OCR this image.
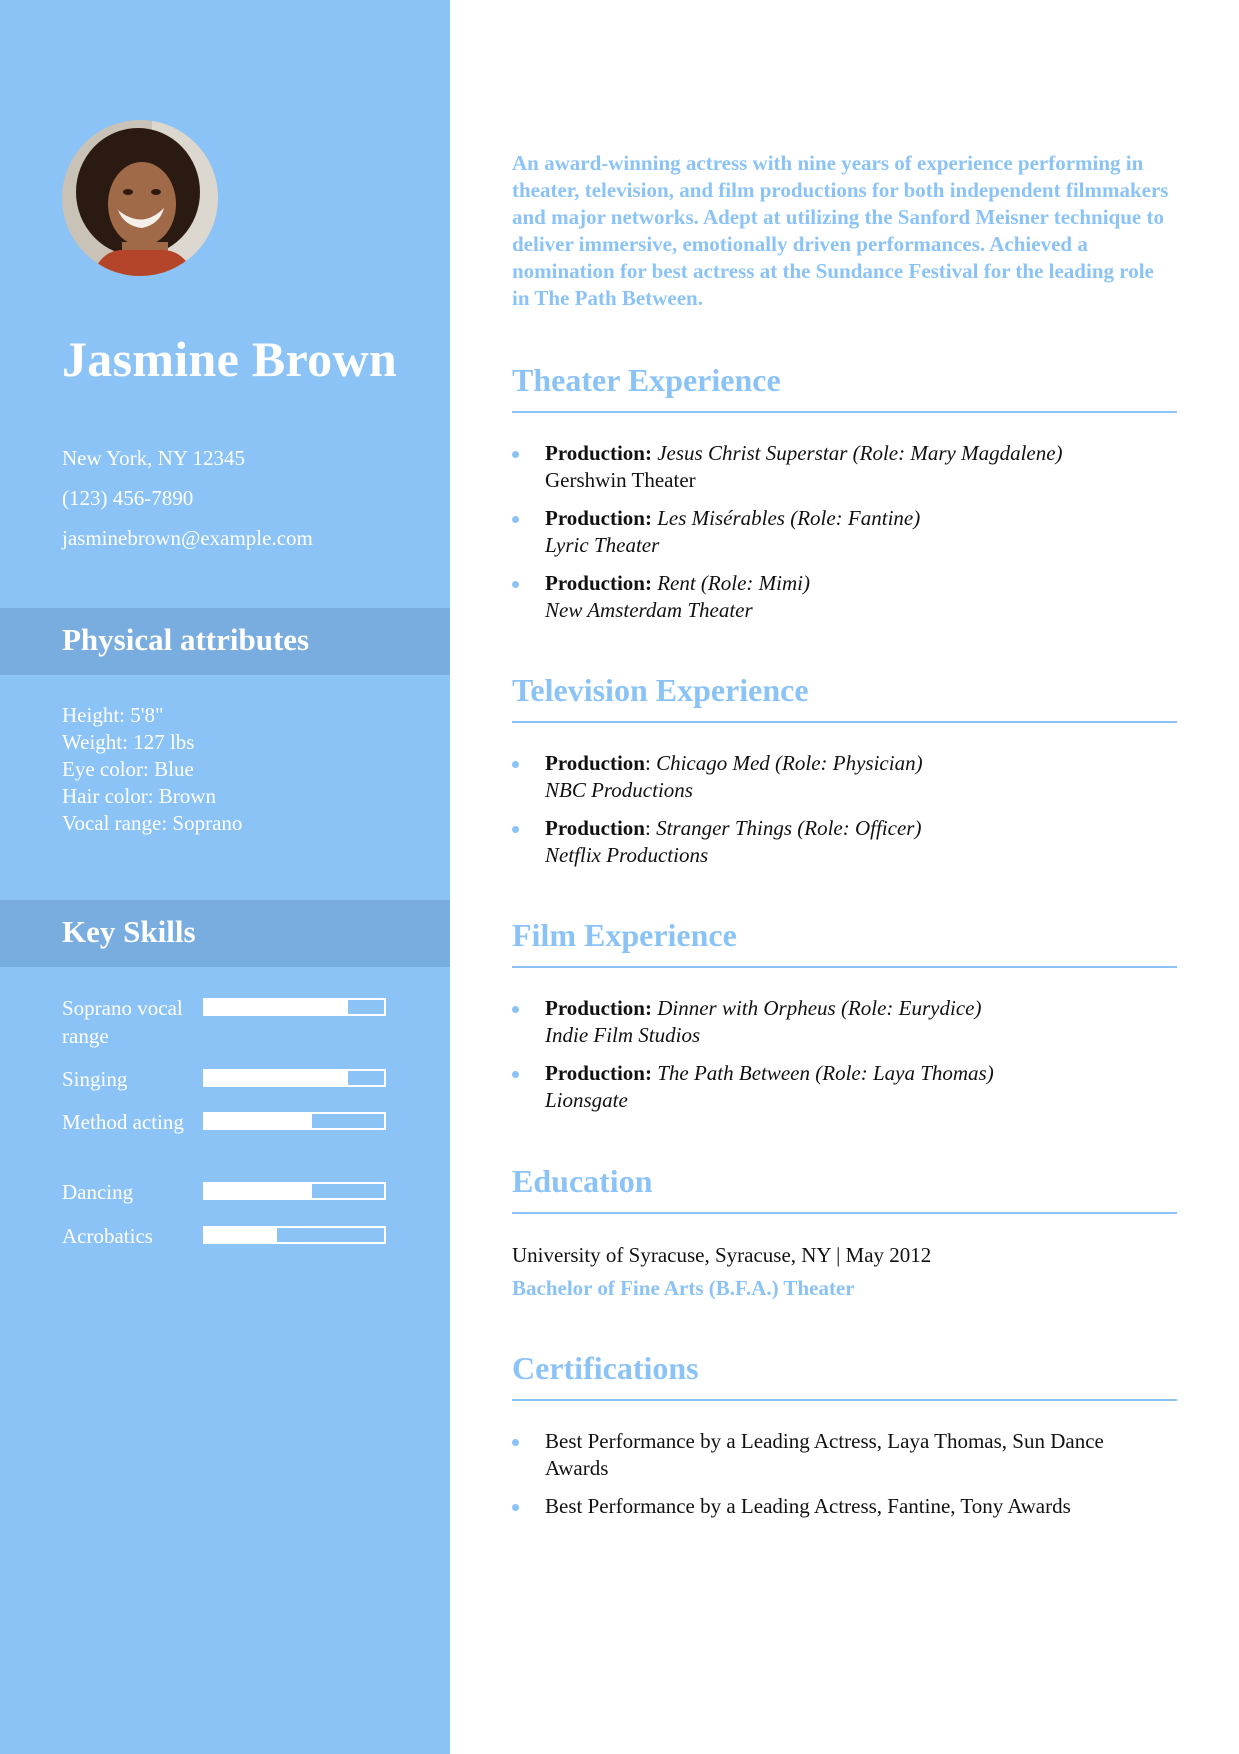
Jasmine Brown
New York, NY 12345
(123) 456-7890
jasminebrown@example.com
Physical attributes
Height: 5'8"
Weight: 127 lbs
Eye color: Blue
Hair color: Brown
Vocal range: Soprano
Key Skills
Soprano vocal range
Singing
Method acting
Dancing
Acrobatics
An award-winning actress with nine years of experience performing in theater, television, and film productions for both independent filmmakers and major networks. Adept at utilizing the Sanford Meisner technique to deliver immersive, emotionally driven performances. Achieved a nomination for best actress at the Sundance Festival for the leading role in The Path Between.
Theater Experience
Production: Jesus Christ Superstar (Role: Mary Magdalene)
Gershwin Theater
Production: Les Misérables (Role: Fantine)
Lyric Theater
Production: Rent (Role: Mimi)
New Amsterdam Theater
Television Experience
Production: Chicago Med (Role: Physician)
NBC Productions
Production: Stranger Things (Role: Officer)
Netflix Productions
Film Experience
Production: Dinner with Orpheus (Role: Eurydice)
Indie Film Studios
Production: The Path Between (Role: Laya Thomas)
Lionsgate
Education
University of Syracuse, Syracuse, NY | May 2012
Bachelor of Fine Arts (B.F.A.) Theater
Certifications
Best Performance by a Leading Actress, Laya Thomas, Sun Dance Awards
Best Performance by a Leading Actress, Fantine, Tony Awards
